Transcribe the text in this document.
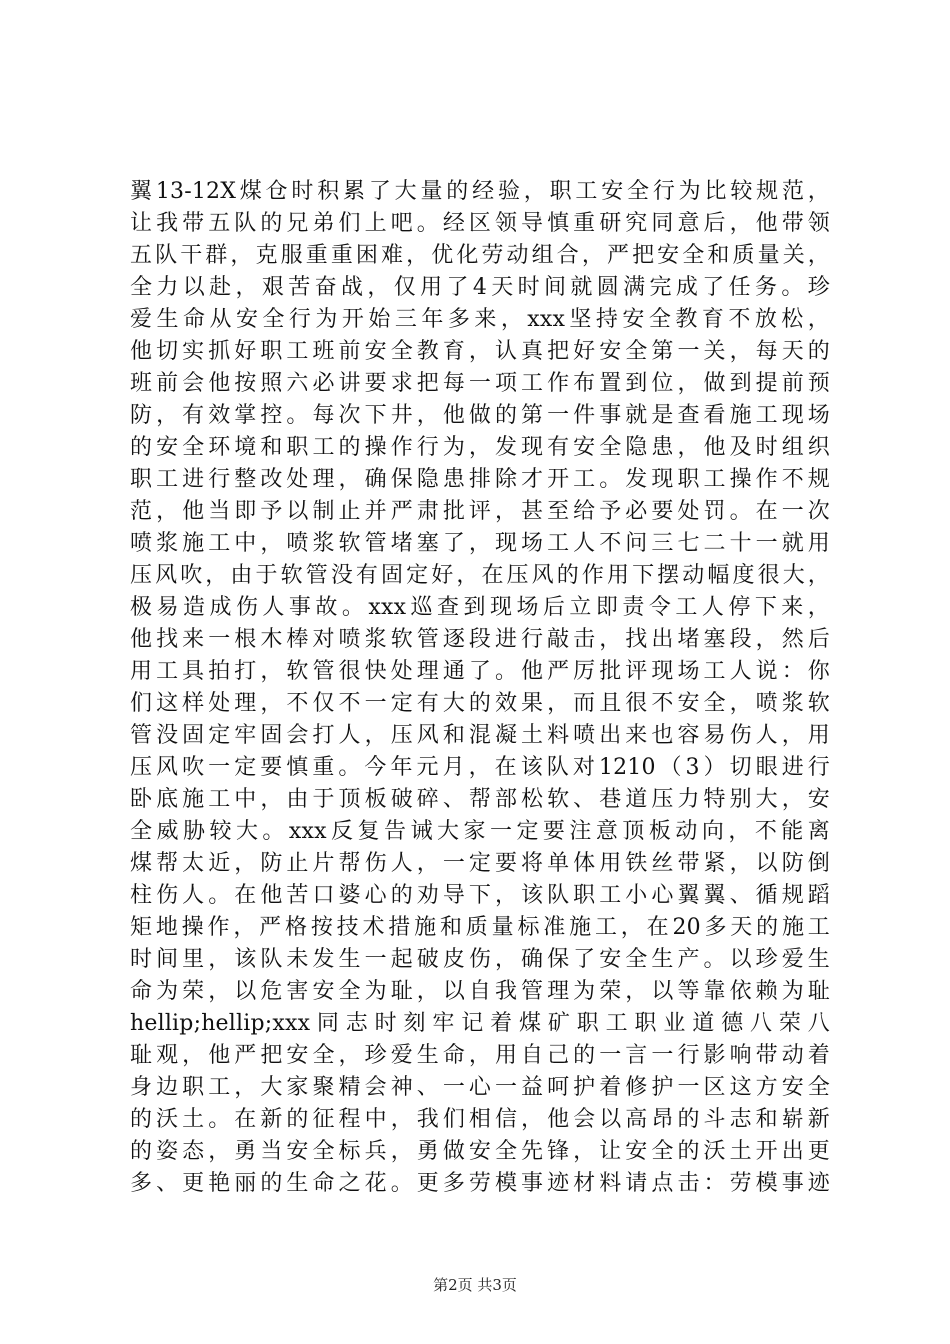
翼13-12X煤仓时积累了大量的经验，职工安全行为比较规范，
让我带五队的兄弟们上吧。经区领导慎重研究同意后，他带领
五队干群，克服重重困难，优化劳动组合，严把安全和质量关，
全力以赴，艰苦奋战，仅用了4天时间就圆满完成了任务。珍
爱生命从安全行为开始三年多来，xxx坚持安全教育不放松，
他切实抓好职工班前安全教育，认真把好安全第一关，每天的
班前会他按照六必讲要求把每一项工作布置到位，做到提前预
防，有效掌控。每次下井，他做的第一件事就是查看施工现场
的安全环境和职工的操作行为，发现有安全隐患，他及时组织
职工进行整改处理，确保隐患排除才开工。发现职工操作不规
范，他当即予以制止并严肃批评，甚至给予必要处罚。在一次
喷浆施工中，喷浆软管堵塞了，现场工人不问三七二十一就用
压风吹，由于软管没有固定好，在压风的作用下摆动幅度很大，
极易造成伤人事故。xxx巡查到现场后立即责令工人停下来，
他找来一根木棒对喷浆软管逐段进行敲击，找出堵塞段，然后
用工具拍打，软管很快处理通了。他严厉批评现场工人说：你
们这样处理，不仅不一定有大的效果，而且很不安全，喷浆软
管没固定牢固会打人，压风和混凝土料喷出来也容易伤人，用
压风吹一定要慎重。今年元月，在该队对1210（3）切眼进行
卧底施工中，由于顶板破碎、帮部松软、巷道压力特别大，安
全威胁较大。xxx反复告诫大家一定要注意顶板动向，不能离
煤帮太近，防止片帮伤人，一定要将单体用铁丝带紧，以防倒
柱伤人。在他苦口婆心的劝导下，该队职工小心翼翼、循规蹈
矩地操作，严格按技术措施和质量标准施工，在20多天的施工
时间里，该队未发生一起破皮伤，确保了安全生产。以珍爱生
命为荣，以危害安全为耻，以自我管理为荣，以等靠依赖为耻
hellip;hellip;xxx同志时刻牢记着煤矿职工职业道德八荣八
耻观，他严把安全，珍爱生命，用自己的一言一行影响带动着
身边职工，大家聚精会神、一心一益呵护着修护一区这方安全
的沃土。在新的征程中，我们相信，他会以高昂的斗志和崭新
的姿态，勇当安全标兵，勇做安全先锋，让安全的沃土开出更
多、更艳丽的生命之花。更多劳模事迹材料请点击：劳模事迹
第2页 共3页
